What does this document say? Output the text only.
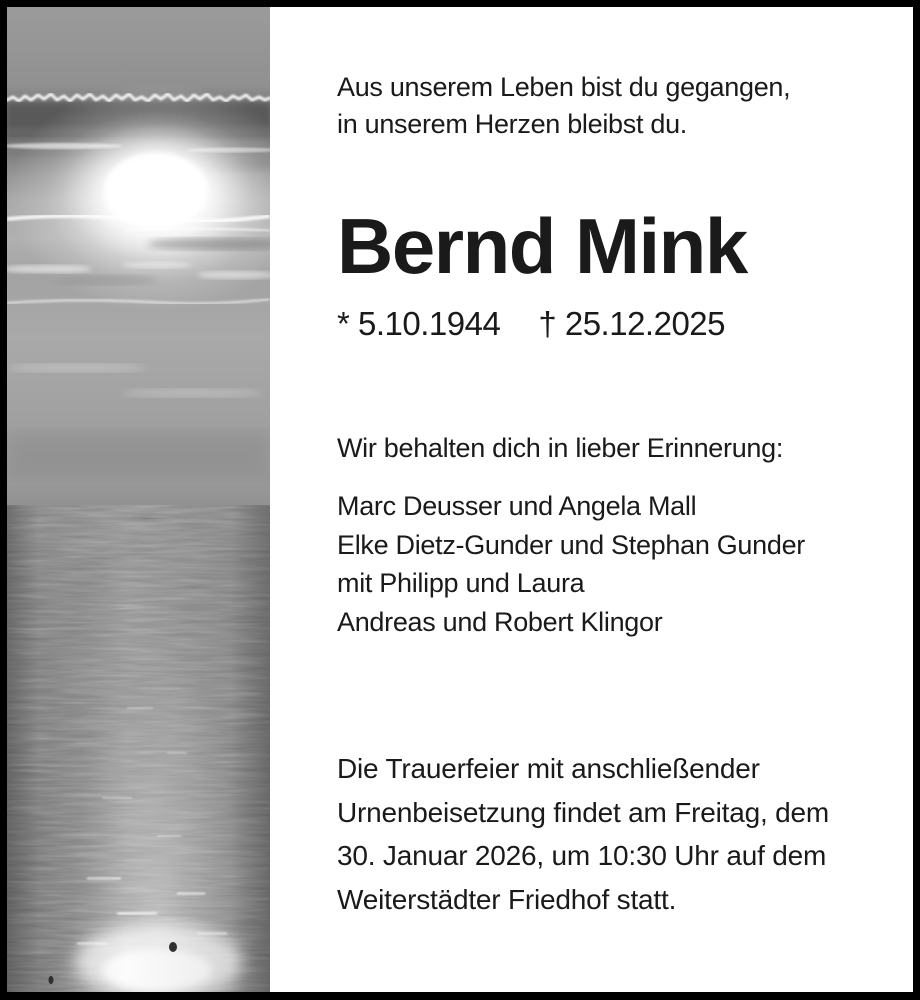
Aus unserem Leben bist du gegangen,
in unserem Herzen bleibst du.
Bernd Mink
* 5.10.1944 † 25.12.2025
Wir behalten dich in lieber Erinnerung:
Marc Deusser und Angela Mall
Elke Dietz-Gunder und Stephan Gunder
mit Philipp und Laura
Andreas und Robert Klingor
Die Trauerfeier mit anschließender
Urnenbeisetzung findet am Freitag, dem
30. Januar 2026, um 10:30 Uhr auf dem
Weiterstädter Friedhof statt.
